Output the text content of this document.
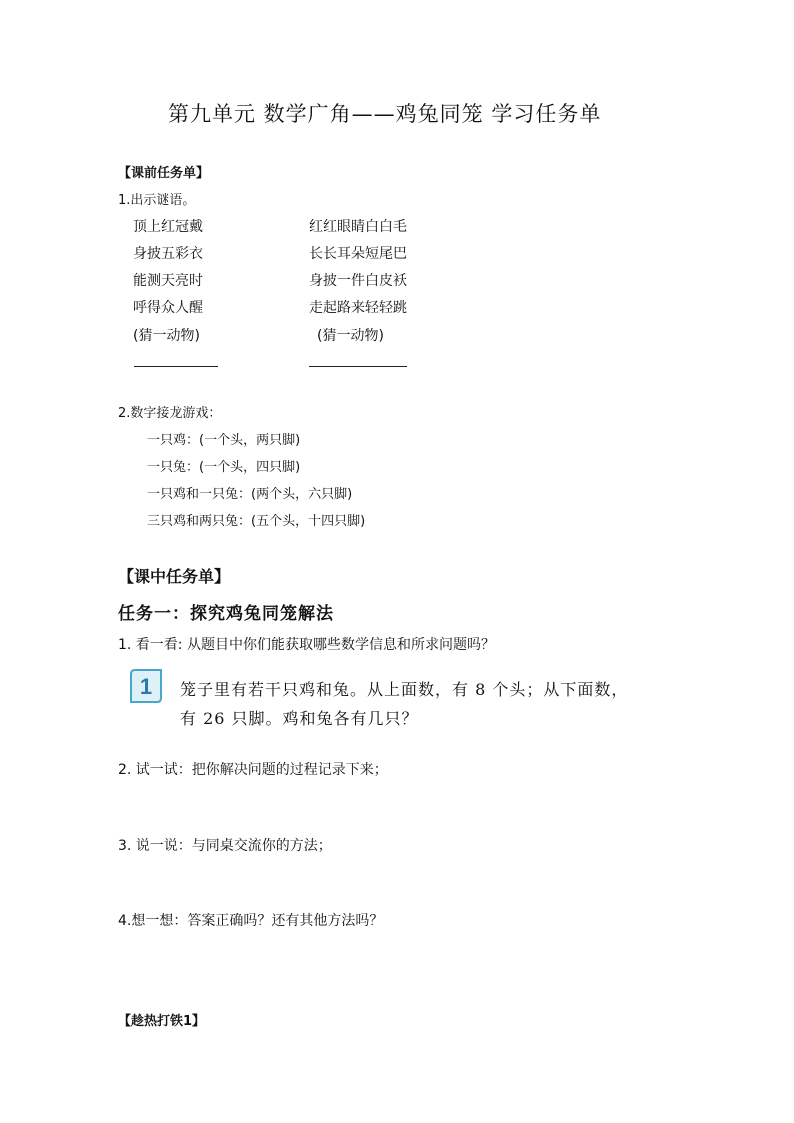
第九单元 数学广角——鸡兔同笼 学习任务单
【课前任务单】
1.出示谜语。
顶上红冠戴
身披五彩衣
能测天亮时
呼得众人醒
(猜一动物)
红红眼睛白白毛
长长耳朵短尾巴
身披一件白皮袄
走起路来轻轻跳
(猜一动物)
2.数字接龙游戏：
一只鸡：(一个头，两只脚)
一只兔：(一个头，四只脚)
一只鸡和一只兔：(两个头，六只脚)
三只鸡和两只兔：(五个头，十四只脚)
【课中任务单】
任务一：探究鸡兔同笼解法
1. 看一看: 从题目中你们能获取哪些数学信息和所求问题吗？
1 笼子里有若干只鸡和兔。从上面数，有 8 个头；从下面数，
有 26 只脚。鸡和兔各有几只？
2. 试一试：把你解决问题的过程记录下来；
3. 说一说：与同桌交流你的方法；
4.想一想：答案正确吗？还有其他方法吗？
【趁热打铁1】
